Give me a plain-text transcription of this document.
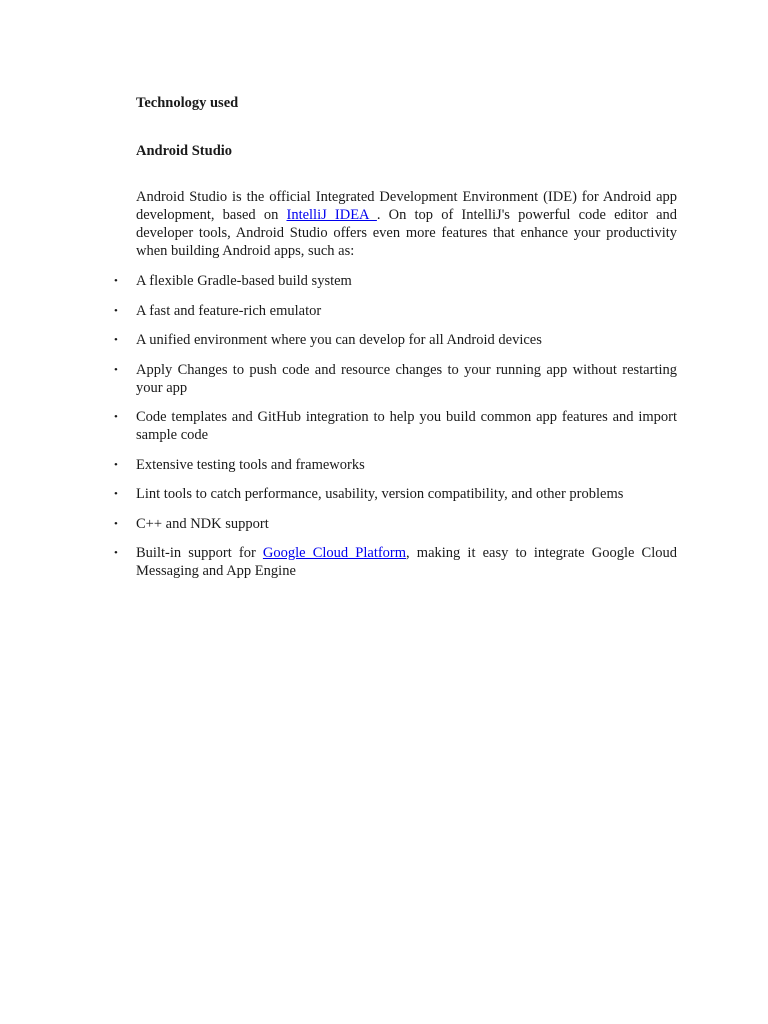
Technology used

Android Studio

Android Studio is the official Integrated Development Environment (IDE) for Android app development, based on IntelliJ IDEA . On top of IntelliJ's powerful code editor and developer tools, Android Studio offers even more features that enhance your productivity when building Android apps, such as:

• A flexible Gradle-based build system
• A fast and feature-rich emulator
• A unified environment where you can develop for all Android devices
• Apply Changes to push code and resource changes to your running app without restarting your app
• Code templates and GitHub integration to help you build common app features and import sample code
• Extensive testing tools and frameworks
• Lint tools to catch performance, usability, version compatibility, and other problems
• C++ and NDK support
• Built-in support for Google Cloud Platform, making it easy to integrate Google Cloud Messaging and App Engine
